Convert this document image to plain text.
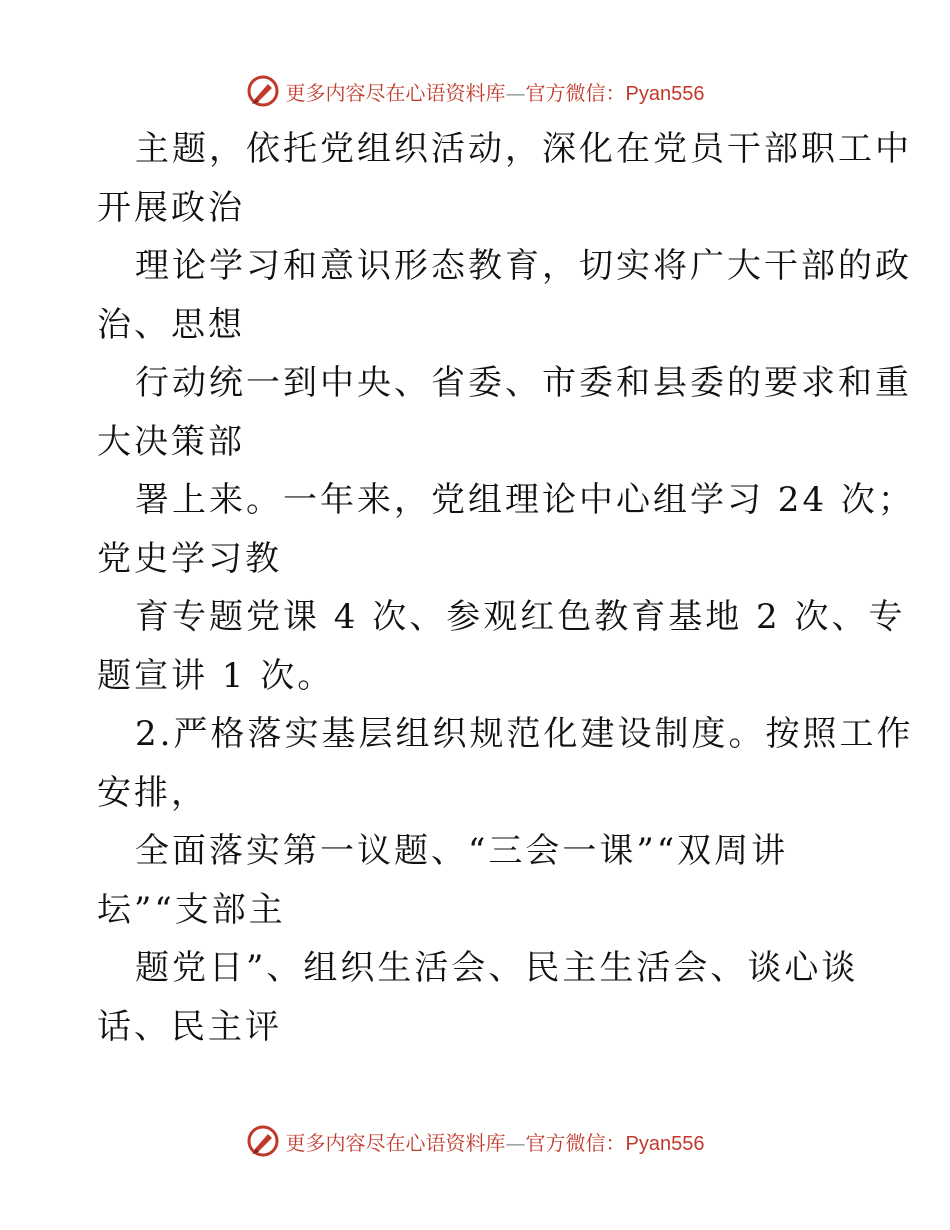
更多内容尽在心语资料库—官方微信：Pyan556
主题，依托党组织活动，深化在党员干部职工中
开展政治
理论学习和意识形态教育，切实将广大干部的政
治、思想
行动统一到中央、省委、市委和县委的要求和重
大决策部
署上来。一年来，党组理论中心组学习 24 次；
党史学习教
育专题党课 4 次、参观红色教育基地 2 次、专
题宣讲 1 次。
2.严格落实基层组织规范化建设制度。按照工作
安排，
全面落实第一议题、“三会一课”“双周讲
坛”“支部主
题党日”、组织生活会、民主生活会、谈心谈
话、民主评
更多内容尽在心语资料库—官方微信：Pyan556
